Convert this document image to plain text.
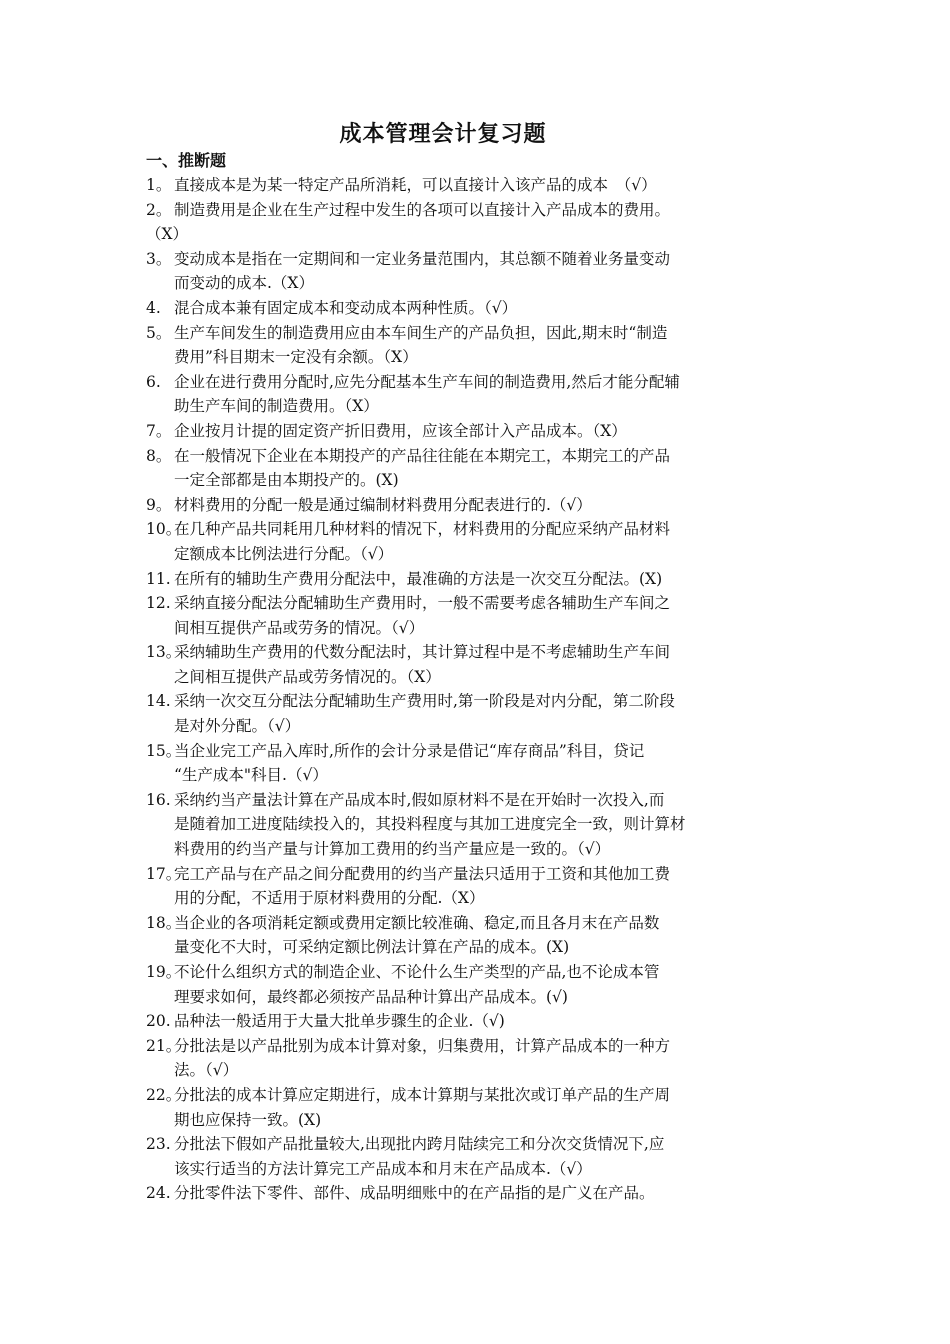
成本管理会计复习题
一、推断题
1。 直接成本是为某一特定产品所消耗，可以直接计入该产品的成本　（√）
2。 制造费用是企业在生产过程中发生的各项可以直接计入产品成本的费用。
（X）
3。 变动成本是指在一定期间和一定业务量范围内，其总额不随着业务量变动
而变动的成本.（X）
4. 混合成本兼有固定成本和变动成本两种性质。（√）
5。 生产车间发生的制造费用应由本车间生产的产品负担，因此,期末时“制造
费用”科目期末一定没有余额。（X）
6. 企业在进行费用分配时,应先分配基本生产车间的制造费用,然后才能分配辅
助生产车间的制造费用。（X）
7。 企业按月计提的固定资产折旧费用，应该全部计入产品成本。（X）
8。 在一般情况下企业在本期投产的产品往往能在本期完工，本期完工的产品
一定全部都是由本期投产的。(X)
9。 材料费用的分配一般是通过编制材料费用分配表进行的.（√）
10。
在几种产品共同耗用几种材料的情况下，材料费用的分配应采纳产品材料
定额成本比例法进行分配。（√）
11. 在所有的辅助生产费用分配法中，最准确的方法是一次交互分配法。(X)
12. 采纳直接分配法分配辅助生产费用时，一般不需要考虑各辅助生产车间之
间相互提供产品或劳务的情况。（√）
13。
采纳辅助生产费用的代数分配法时，其计算过程中是不考虑辅助生产车间
之间相互提供产品或劳务情况的。（X）
14. 采纳一次交互分配法分配辅助生产费用时,第一阶段是对内分配，第二阶段
是对外分配。（√）
15。
当企业完工产品入库时,所作的会计分录是借记“库存商品”科目，贷记
“生产成本"科目.（√）
16. 采纳约当产量法计算在产品成本时,假如原材料不是在开始时一次投入,而
是随着加工进度陆续投入的，其投料程度与其加工进度完全一致，则计算材
料费用的约当产量与计算加工费用的约当产量应是一致的。（√）
17。
完工产品与在产品之间分配费用的约当产量法只适用于工资和其他加工费
用的分配，不适用于原材料费用的分配.（X）
18。
当企业的各项消耗定额或费用定额比较准确、稳定,而且各月末在产品数
量变化不大时，可采纳定额比例法计算在产品的成本。(X)
19。
不论什么组织方式的制造企业、不论什么生产类型的产品,也不论成本管
理要求如何，最终都必须按产品品种计算出产品成本。(√)
20. 品种法一般适用于大量大批单步骤生的企业.（√)
21。
分批法是以产品批别为成本计算对象，归集费用，计算产品成本的一种方
法。（√）
22。
分批法的成本计算应定期进行，成本计算期与某批次或订单产品的生产周
期也应保持一致。(X)
23. 分批法下假如产品批量较大,出现批内跨月陆续完工和分次交货情况下,应
该实行适当的方法计算完工产品成本和月末在产品成本.（√）
24. 分批零件法下零件、部件、成品明细账中的在产品指的是广义在产品。
